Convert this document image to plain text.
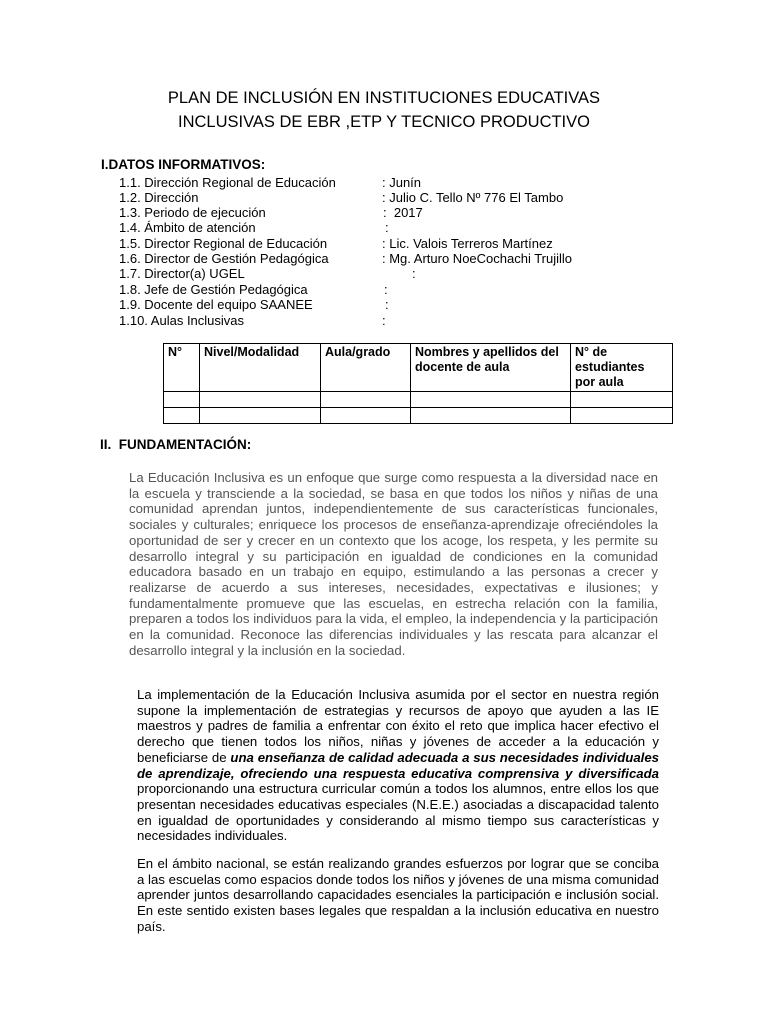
PLAN DE INCLUSIÓN EN INSTITUCIONES EDUCATIVAS
INCLUSIVAS DE EBR ,ETP Y TECNICO PRODUCTIVO
I.DATOS INFORMATIVOS:
1.1. Dirección Regional de Educación	: Junín
1.2. Dirección	: Julio C. Tello Nº 776 El Tambo
1.3. Periodo de ejecución	:  2017
1.4. Ámbito de atención	:
1.5. Director Regional de Educación	: Lic. Valois Terreros Martínez
1.6. Director de Gestión Pedagógica	: Mg. Arturo NoeCochachi Trujillo
1.7. Director(a) UGEL	:
1.8. Jefe de Gestión Pedagógica	:
1.9. Docente del equipo SAANEE	:
1.10. Aulas Inclusivas	:
N°	Nivel/Modalidad	Aula/grado	Nombres y apellidos del docente de aula	N° de estudiantes por aula

II.  FUNDAMENTACIÓN:

La Educación Inclusiva es un enfoque que surge como respuesta a la diversidad nace en la escuela y transciende a la sociedad, se basa en que todos los niños y niñas de una comunidad aprendan juntos, independientemente de sus características funcionales, sociales y culturales; enriquece los procesos de enseñanza-aprendizaje ofreciéndoles la oportunidad de ser y crecer en un contexto que los acoge, los respeta, y les permite su desarrollo integral y su participación en igualdad de condiciones en la comunidad educadora basado en un trabajo en equipo, estimulando a las personas a crecer y realizarse de acuerdo a sus intereses, necesidades, expectativas e ilusiones; y fundamentalmente promueve que las escuelas, en estrecha relación con la familia, preparen a todos los individuos para la vida, el empleo, la independencia y la participación en la comunidad. Reconoce las diferencias individuales y las rescata para alcanzar el desarrollo integral y la inclusión en la sociedad.

La implementación de la Educación Inclusiva asumida por el sector en nuestra región supone la implementación de estrategias y recursos de apoyo que ayuden a las IE maestros y padres de familia a enfrentar con éxito el reto que implica hacer efectivo el derecho que tienen todos los niños, niñas y jóvenes de acceder a la educación y beneficiarse de una enseñanza de calidad adecuada a sus necesidades individuales de aprendizaje, ofreciendo una respuesta educativa comprensiva y diversificada proporcionando una estructura curricular común a todos los alumnos, entre ellos los que presentan necesidades educativas especiales (N.E.E.) asociadas a discapacidad talento en igualdad de oportunidades y considerando al mismo tiempo sus características y necesidades individuales.

En el ámbito nacional, se están realizando grandes esfuerzos por lograr que se conciba a las escuelas como espacios donde todos los niños y jóvenes de una misma comunidad aprender juntos desarrollando capacidades esenciales la participación e inclusión social. En este sentido existen bases legales que respaldan a la inclusión educativa en nuestro país.
